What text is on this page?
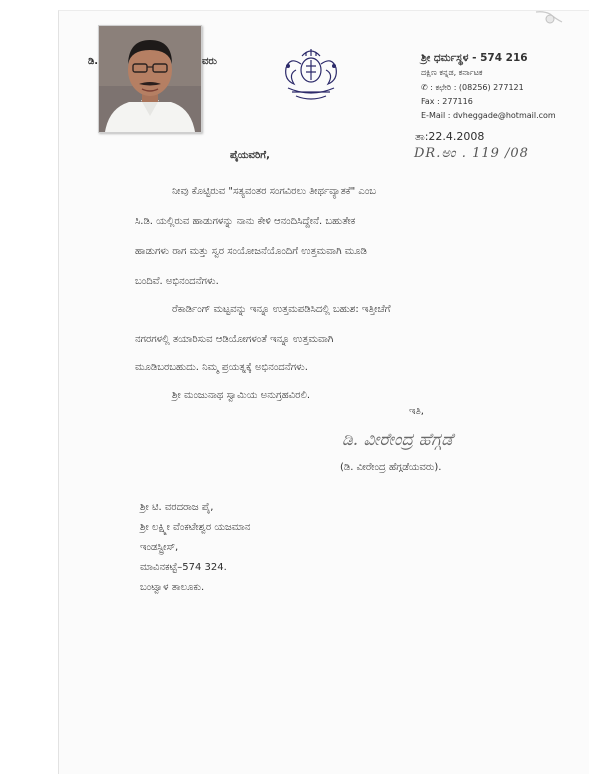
ಡಿ.	ವರು	ಶ್ರೀ ಧರ್ಮಸ್ಥಳ - 574 216
ದಕ್ಷಿಣ ಕನ್ನಡ, ಕರ್ನಾಟಕ
✆ : ಕಛೇರಿ : (08256) 277121
Fax : 277116
E-Mail : dvheggade@hotmail.com
ತಾ:22.4.2008
DR.ಅಂ . 119 /08
ಪೈಯವರಿಗೆ,
ನೀವು ಕೊಟ್ಟಿರುವ "ಸತ್ಯವಂತರ ಸಂಗವಿರಲು ತೀರ್ಥವ್ಯಾತಕೆ" ಎಂಬ
ಸಿ.ಡಿ. ಯಲ್ಲಿರುವ ಹಾಡುಗಳನ್ನು ನಾನು ಕೇಳಿ ಆನಂದಿಸಿದ್ದೇನೆ. ಬಹುತೇಕ
ಹಾಡುಗಳು ರಾಗ ಮತ್ತು ಸ್ವರ ಸಂಯೋಜನೆಯೊಂದಿಗೆ ಉತ್ತಮವಾಗಿ ಮೂಡಿ
ಬಂದಿವೆ. ಅಭಿನಂದನೆಗಳು.
ರೆಕಾರ್ಡಿಂಗ್ ಮಟ್ಟವನ್ನು ಇನ್ನೂ ಉತ್ತಮಪಡಿಸಿದಲ್ಲಿ ಬಹುಶ: ಇತ್ತೀಚೆಗೆ
ನಗರಗಳಲ್ಲಿ ತಯಾರಿಸುವ ಆಡಿಯೋಗಳಂತೆ ಇನ್ನೂ ಉತ್ತಮವಾಗಿ
ಮೂಡಿಬರಬಹುದು. ನಿಮ್ಮ ಪ್ರಯತ್ನಕ್ಕೆ ಅಭಿನಂದನೆಗಳು.
ಶ್ರೀ ಮಂಜುನಾಥ ಸ್ವಾಮಿಯ ಅನುಗ್ರಹವಿರಲಿ.
ಇತಿ,
ಡಿ. ವೀರೇಂದ್ರ ಹೆಗ್ಗಡೆ
(ಡಿ. ವೀರೇಂದ್ರ ಹೆಗ್ಗಡೆಯವರು).
ಶ್ರೀ ಟಿ. ವರದರಾಜ ಪೈ,
ಶ್ರೀ ಲಕ್ಷ್ಮೀ ವೆಂಕಟೇಶ್ವರ ಯಜಮಾನ
ಇಂಡಸ್ಟ್ರೀಸ್,
ಮಾವಿನಕಟ್ಟೆ–574 324.
ಬಂಟ್ವಾಳ ತಾಲೂಕು.
